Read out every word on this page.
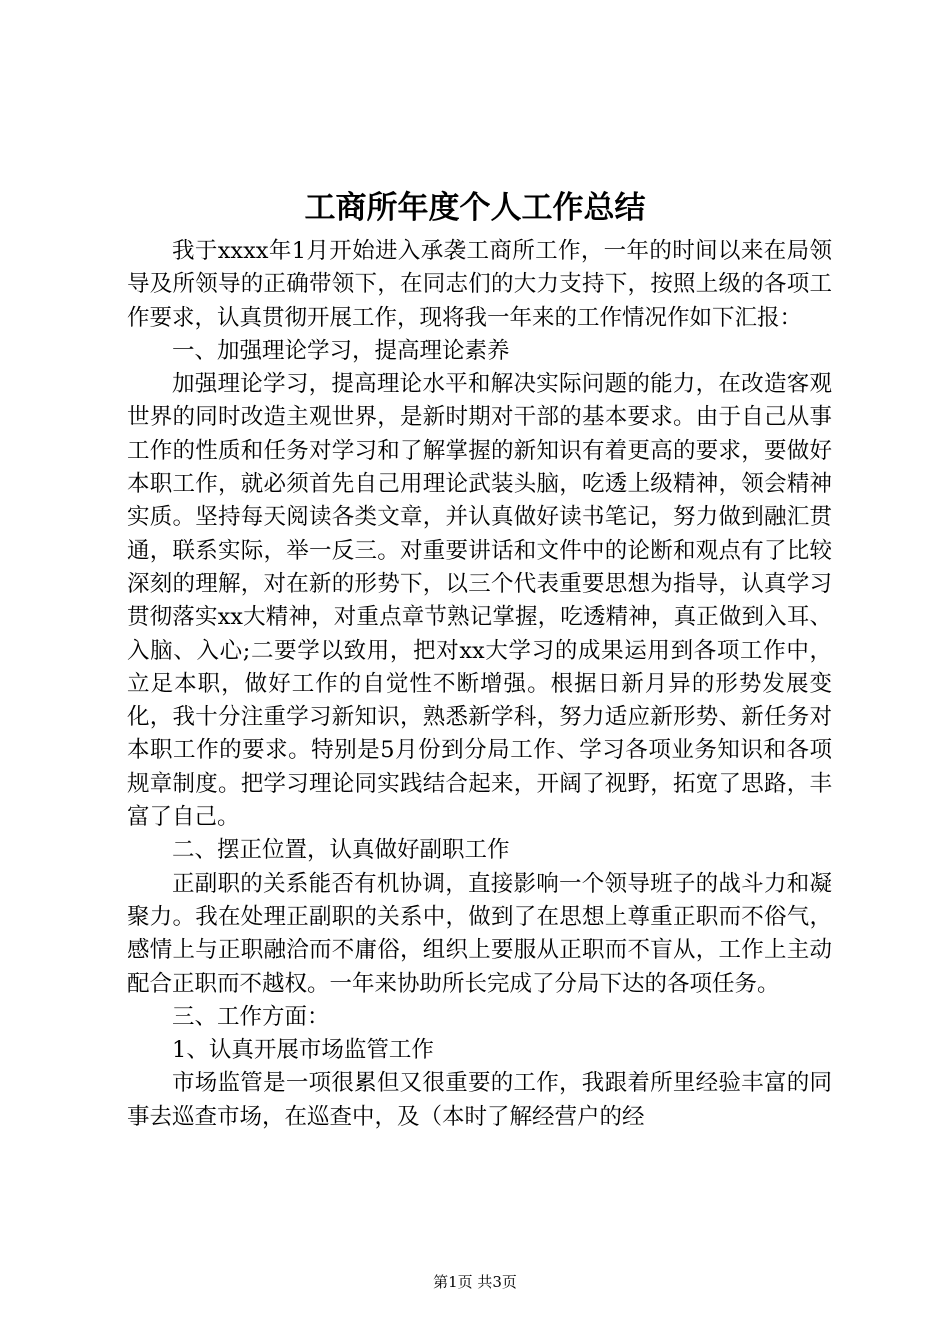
工商所年度个人工作总结

我于xxxx年1月开始进入承袭工商所工作，一年的时间以来在局领导及所领导的正确带领下，在同志们的大力支持下，按照上级的各项工作要求，认真贯彻开展工作，现将我一年来的工作情况作如下汇报：

一、加强理论学习，提高理论素养

加强理论学习，提高理论水平和解决实际问题的能力，在改造客观世界的同时改造主观世界，是新时期对干部的基本要求。由于自己从事工作的性质和任务对学习和了解掌握的新知识有着更高的要求，要做好本职工作，就必须首先自己用理论武装头脑，吃透上级精神，领会精神实质。坚持每天阅读各类文章，并认真做好读书笔记，努力做到融汇贯通，联系实际，举一反三。对重要讲话和文件中的论断和观点有了比较深刻的理解，对在新的形势下，以三个代表重要思想为指导，认真学习贯彻落实xx大精神，对重点章节熟记掌握，吃透精神，真正做到入耳、入脑、入心;二要学以致用，把对xx大学习的成果运用到各项工作中，立足本职，做好工作的自觉性不断增强。根据日新月异的形势发展变化，我十分注重学习新知识，熟悉新学科，努力适应新形势、新任务对本职工作的要求。特别是5月份到分局工作、学习各项业务知识和各项规章制度。把学习理论同实践结合起来，开阔了视野，拓宽了思路，丰富了自己。

二、摆正位置，认真做好副职工作

正副职的关系能否有机协调，直接影响一个领导班子的战斗力和凝聚力。我在处理正副职的关系中，做到了在思想上尊重正职而不俗气，感情上与正职融洽而不庸俗，组织上要服从正职而不盲从，工作上主动配合正职而不越权。一年来协助所长完成了分局下达的各项任务。

三、工作方面：

1、认真开展市场监管工作

市场监管是一项很累但又很重要的工作，我跟着所里经验丰富的同事去巡查市场，在巡查中，及（本时了解经营户的经

第1页 共3页
